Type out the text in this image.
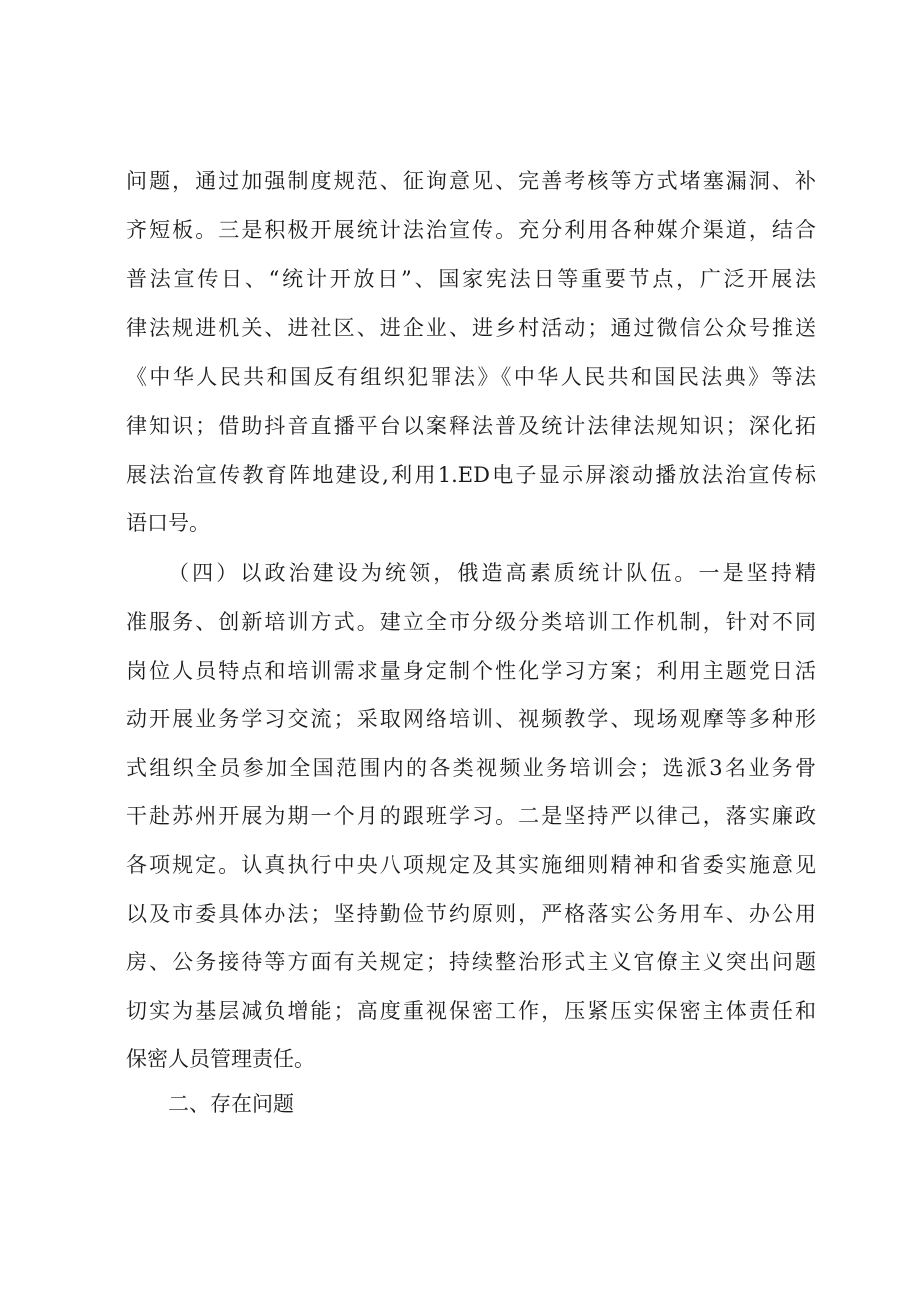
问题，通过加强制度规范、征询意见、完善考核等方式堵塞漏洞、补
齐短板。三是积极开展统计法治宣传。充分利用各种媒介渠道，结合
普法宣传日、“统计开放日”、国家宪法日等重要节点，广泛开展法
律法规进机关、进社区、进企业、进乡村活动；通过微信公众号推送
《中华人民共和国反有组织犯罪法》《中华人民共和国民法典》等法
律知识；借助抖音直播平台以案释法普及统计法律法规知识；深化拓
展法治宣传教育阵地建设,利用1.ED电子显示屏滚动播放法治宣传标
语口号。
（四）以政治建设为统领，俄造高素质统计队伍。一是坚持精
准服务、创新培训方式。建立全市分级分类培训工作机制，针对不同
岗位人员特点和培训需求量身定制个性化学习方案；利用主题党日活
动开展业务学习交流；采取网络培训、视频教学、现场观摩等多种形
式组织全员参加全国范围内的各类视频业务培训会；选派3名业务骨
干赴苏州开展为期一个月的跟班学习。二是坚持严以律己，落实廉政
各项规定。认真执行中央八项规定及其实施细则精神和省委实施意见
以及市委具体办法；坚持勤俭节约原则，严格落实公务用车、办公用
房、公务接待等方面有关规定；持续整治形式主义官僚主义突出问题
切实为基层减负增能；高度重视保密工作，压紧压实保密主体责任和
保密人员管理责任。
二、存在问题
